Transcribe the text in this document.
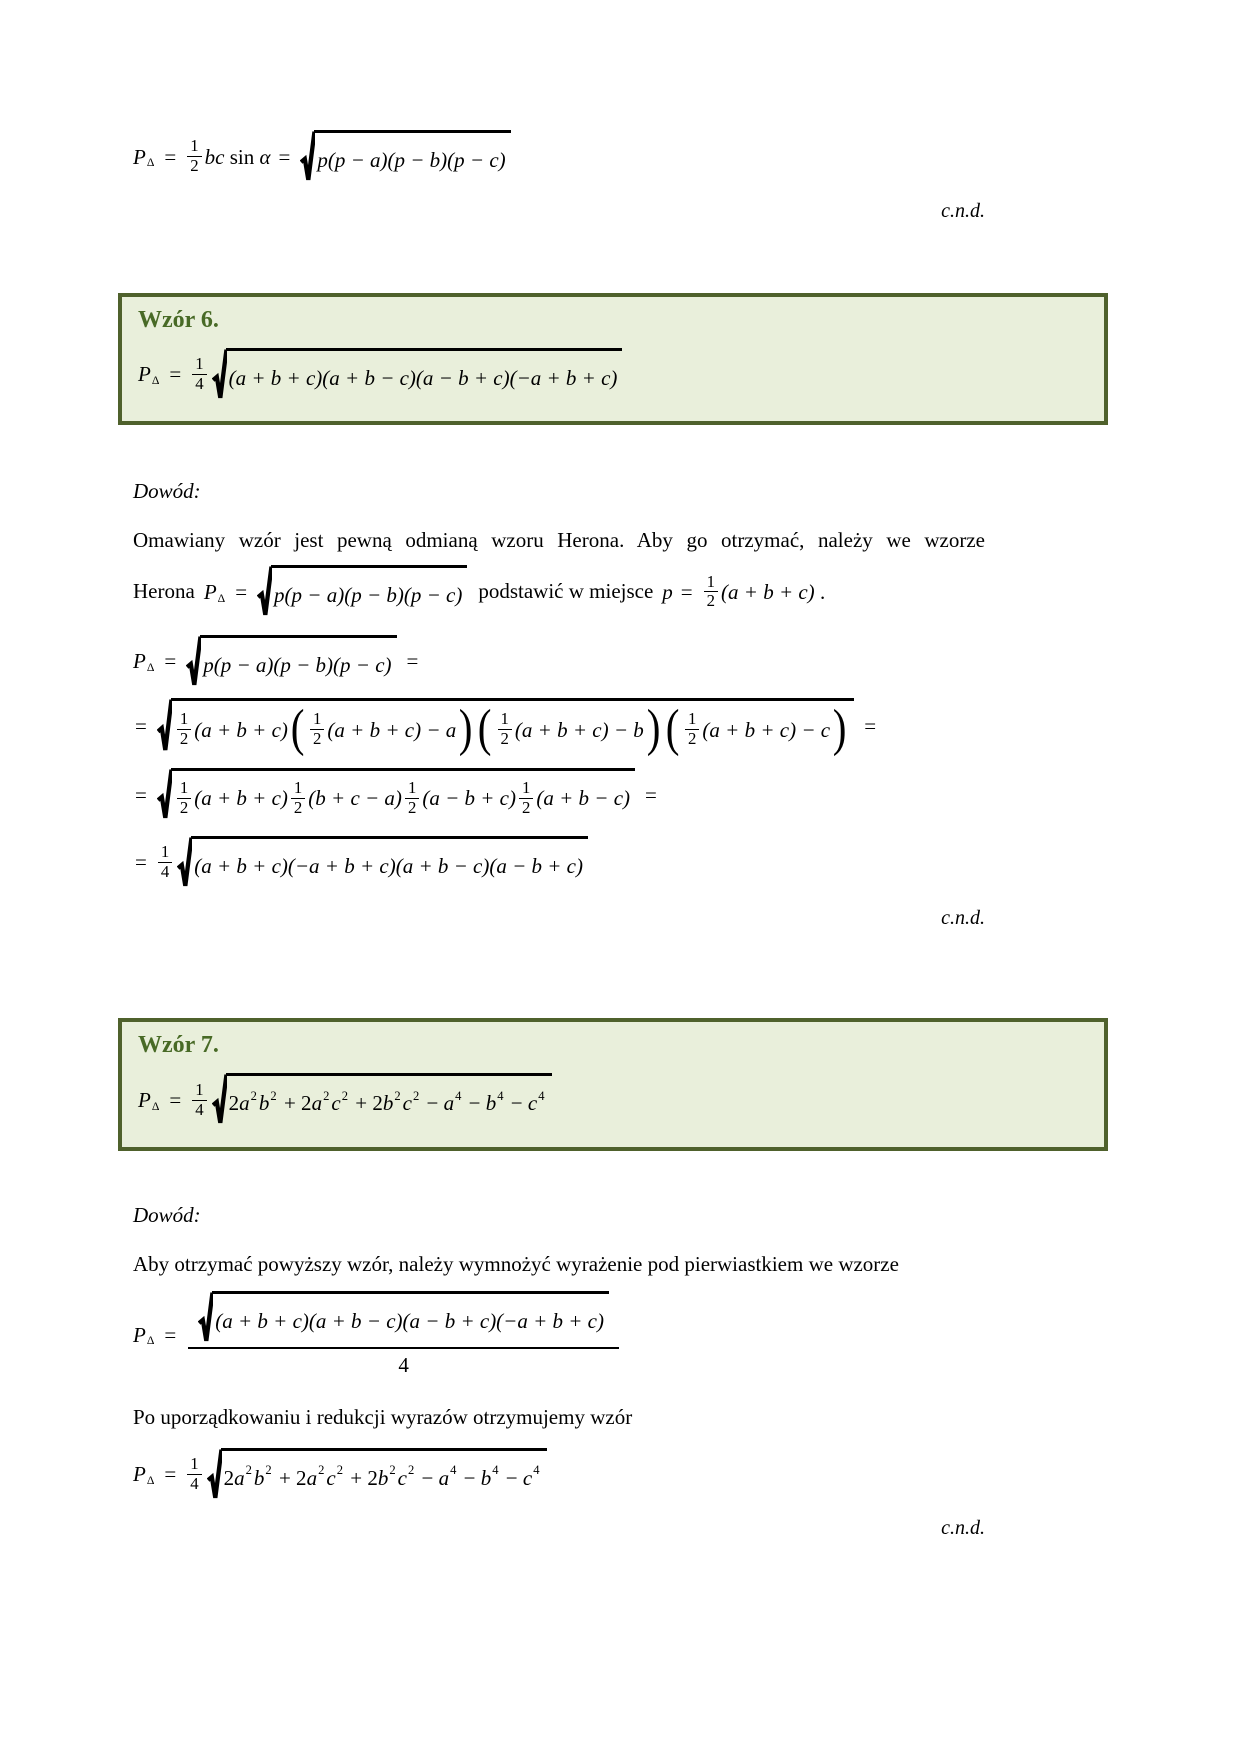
P $\Delta = \frac{1}{2}$ bc sin α = p(p − a)(p − b)(p − c)
c.n.d.
Wzór 6.
P $\Delta = \frac{1}{4} (a + b + c)(a + b - c)(a - b + c)(-a + b + c)$
Dowód:
Omawiany wzór jest pewną odmianą wzoru Herona. Aby go otrzymać, należy we wzorze
Herona P Δ = p(p − a)(p − b)(p − c) podstawić w miejsce $p = \frac{1}{2} (a + b + c)$ .
P Δ = p(p − a)(p − b)(p − c) =
= $\frac{1}{2} (a + b + c)$ ( $\frac{1}{2} (a + b + c) - a$ ) ( $\frac{1}{2} (a + b + c) - b$ ) ( $\frac{1}{2} (a + b + c) - c$ ) =
= $\frac{1}{2} (a + b + c) \frac{1}{2} (b + c - a) \frac{1}{2} (a - b + c) \frac{1}{2} (a + b - c)$ =
= $\frac{1}{4} (a + b + c)(-a + b + c)(a + b - c)(a - b + c)$
c.n.d.
Wzór 7.
P $\Delta = \frac{1}{4} 2$ a 2 b 2 + 2 a 2 c 2 + 2 b 2 c 2 − a 4 − b 4 − c 4
Dowód:
Aby otrzymać powyższy wzór, należy wymnożyć wyrażenie pod pierwiastkiem we wzorze
P $\Delta = \frac{(a + b + c)(a + b - c)(a - b + c)(-a + b + c)}{4}$
Po uporządkowaniu i redukcji wyrazów otrzymujemy wzór
P $\Delta = \frac{1}{4} 2$ a 2 b 2 + 2 a 2 c 2 + 2 b 2 c 2 − a 4 − b 4 − c 4
c.n.d.
